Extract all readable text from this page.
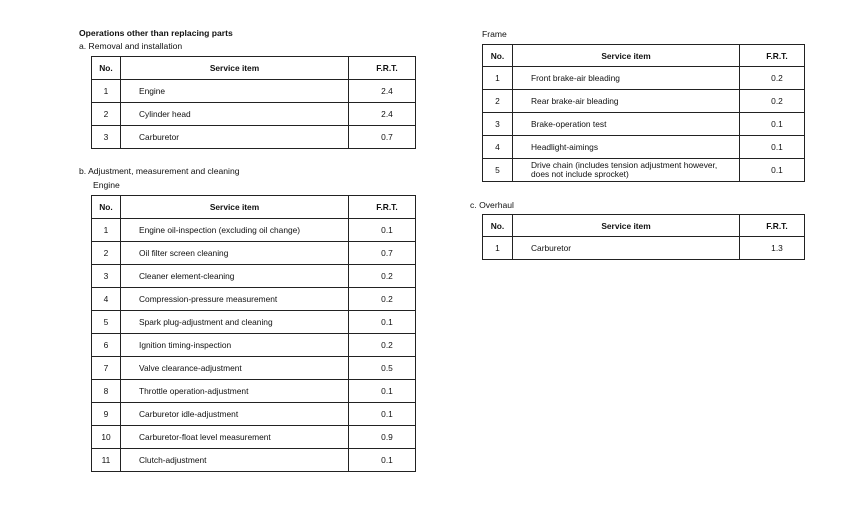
Operations other than replacing parts
a. Removal and installation
No.	Service item	F.R.T.
1	Engine	2.4
2	Cylinder head	2.4
3	Carburetor	0.7
b. Adjustment, measurement and cleaning
Engine
No.	Service item	F.R.T.
1	Engine oil-inspection (excluding oil change)	0.1
2	Oil filter screen cleaning	0.7
3	Cleaner element-cleaning	0.2
4	Compression-pressure measurement	0.2
5	Spark plug-adjustment and cleaning	0.1
6	Ignition timing-inspection	0.2
7	Valve clearance-adjustment	0.5
8	Throttle operation-adjustment	0.1
9	Carburetor idle-adjustment	0.1
10	Carburetor-float level measurement	0.9
11	Clutch-adjustment	0.1
Frame
No.	Service item	F.R.T.
1	Front brake-air bleading	0.2
2	Rear brake-air bleading	0.2
3	Brake-operation test	0.1
4	Headlight-aimings	0.1
5	Drive chain (includes tension adjustment however, does not include sprocket)	0.1
c. Overhaul
No.	Service item	F.R.T.
1	Carburetor	1.3
